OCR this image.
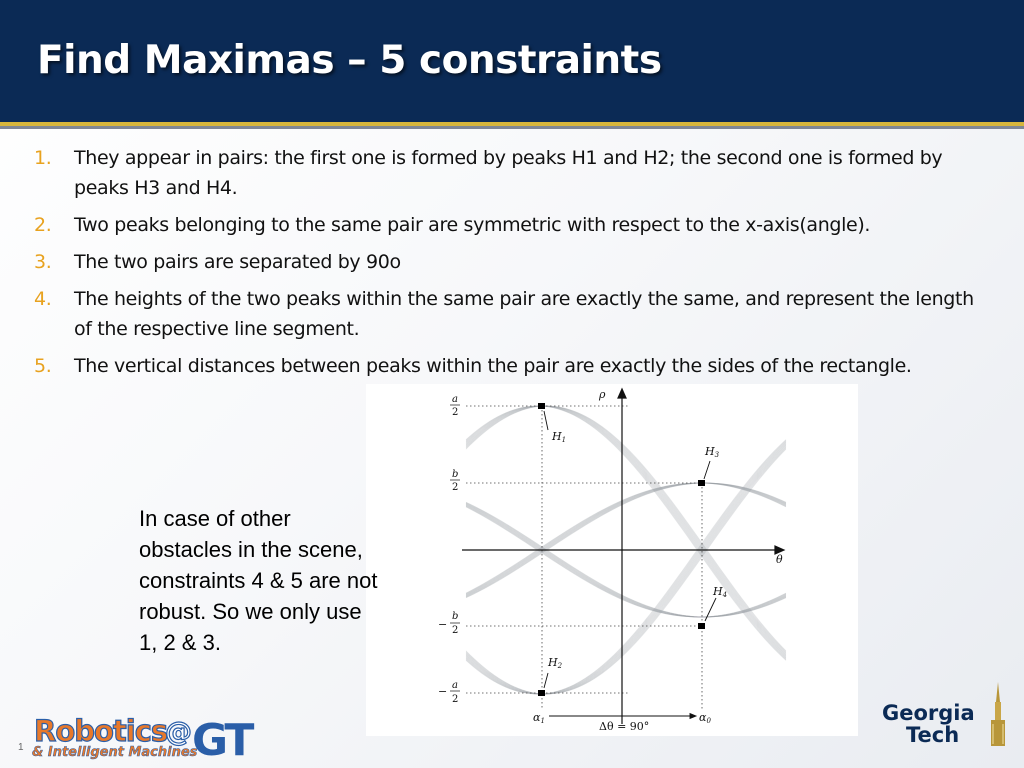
Find Maximas – 5 constraints
1. They appear in pairs: the first one is formed by peaks H1 and H2; the second one is formed by peaks H3 and H4.
2. Two peaks belonging to the same pair are symmetric with respect to the x-axis(angle).
3. The two pairs are separated by 90o
4. The heights of the two peaks within the same pair are exactly the same, and represent the length of the respective line segment.
5. The vertical distances between peaks within the pair are exactly the sides of the rectangle.
ρ
θ
a
2
b
2
−
b
2
− a
2
H1
H3
H4
H2
α1	α0
Δθ = 90°

In case of other
obstacles in the scene,
constraints 4 & 5 are not
robust. So we only use
1, 2 & 3.

Robotics
@ GT
& Intelligent Machines
1
Georgia
Tech
